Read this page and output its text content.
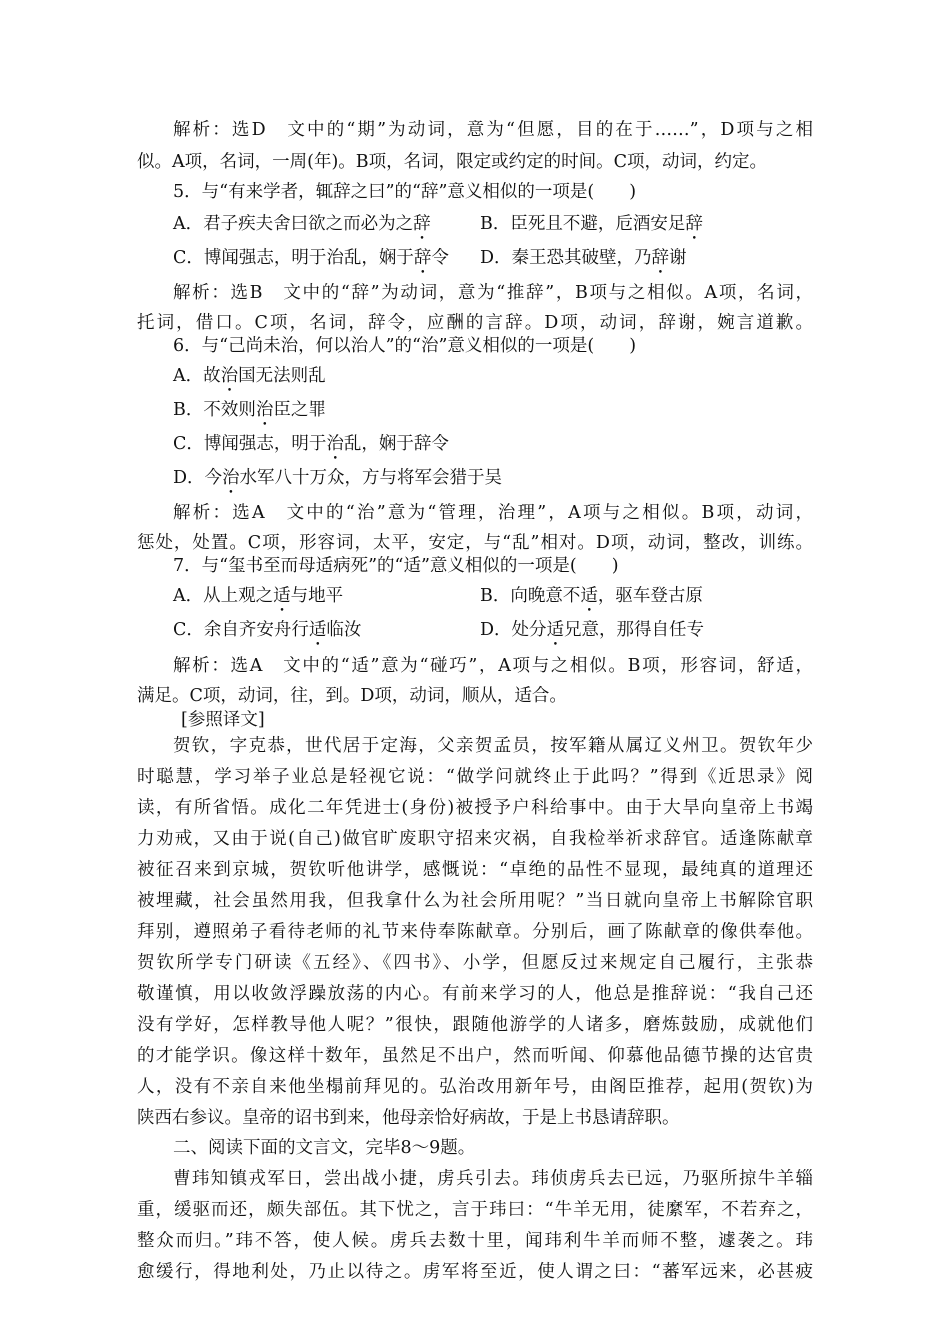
解析：选D　文中的“期”为动词，意为“但愿，目的在于……”，D项与之相
似。A项，名词，一周(年)。B项，名词，限定或约定的时间。C项，动词，约定。
5．与“有来学者，辄辞之曰”的“辞”意义相似的一项是(　　)
A．君子疾夫舍曰欲之而必为之辞	B．臣死且不避，卮酒安足辞
C．博闻强志，明于治乱，娴于辞令 D．秦王恐其破壁，乃辞谢
解析：选B　文中的“辞”为动词，意为“推辞”，B项与之相似。A项，名词，
托词，借口。C项，名词，辞令，应酬的言辞。D项，动词，辞谢，婉言道歉。
6．与“己尚未治，何以治人”的“治”意义相似的一项是(　　)
A．故治国无法则乱
B．不效则治臣之罪
C．博闻强志，明于治乱，娴于辞令
D．今治水军八十万众，方与将军会猎于吴
解析：选A　文中的“治”意为“管理，治理”，A项与之相似。B项，动词，
惩处，处置。C项，形容词，太平，安定，与“乱”相对。D项，动词，整改，训练。
7．与“玺书至而母适病死”的“适”意义相似的一项是(　　)
A．从上观之适与地平	B．向晚意不适，驱车登古原
C．余自齐安舟行适临汝	D．处分适兄意，那得自任专
解析：选A　文中的“适”意为“碰巧”，A项与之相似。B项，形容词，舒适，
满足。C项，动词，往，到。D项，动词，顺从，适合。
[参照译文]
贺钦，字克恭，世代居于定海，父亲贺孟员，按军籍从属辽义州卫。贺钦年少
时聪慧，学习举子业总是轻视它说：“做学问就终止于此吗？”得到《近思录》阅
读，有所省悟。成化二年凭进士(身份)被授予户科给事中。由于大旱向皇帝上书竭
力劝戒，又由于说(自己)做官旷废职守招来灾祸，自我检举祈求辞官。适逢陈献章
被征召来到京城，贺钦听他讲学，感慨说：“卓绝的品性不显现，最纯真的道理还
被埋藏，社会虽然用我，但我拿什么为社会所用呢？”当日就向皇帝上书解除官职
拜别，遵照弟子看待老师的礼节来侍奉陈献章。分别后，画了陈献章的像供奉他。
贺钦所学专门研读《五经》、《四书》、小学，但愿反过来规定自己履行，主张恭
敬谨慎，用以收敛浮躁放荡的内心。有前来学习的人，他总是推辞说：“我自己还
没有学好，怎样教导他人呢？”很快，跟随他游学的人诸多，磨炼鼓励，成就他们
的才能学识。像这样十数年，虽然足不出户，然而听闻、仰慕他品德节操的达官贵
人，没有不亲自来他坐榻前拜见的。弘治改用新年号，由阁臣推荐，起用(贺钦)为
陕西右参议。皇帝的诏书到来，他母亲恰好病故，于是上书恳请辞职。
二、阅读下面的文言文，完毕8～9题。
曹玮知镇戎军日，尝出战小捷，虏兵引去。玮侦虏兵去已远，乃驱所掠牛羊辎
重，缓驱而还，颇失部伍。其下忧之，言于玮曰：“牛羊无用，徒縻军，不若弃之，
整众而归。”玮不答，使人候。虏兵去数十里，闻玮利牛羊而师不整，遽袭之。玮
愈缓行，得地利处，乃止以待之。虏军将至近，使人谓之曰：“蕃军远来，必甚疲
